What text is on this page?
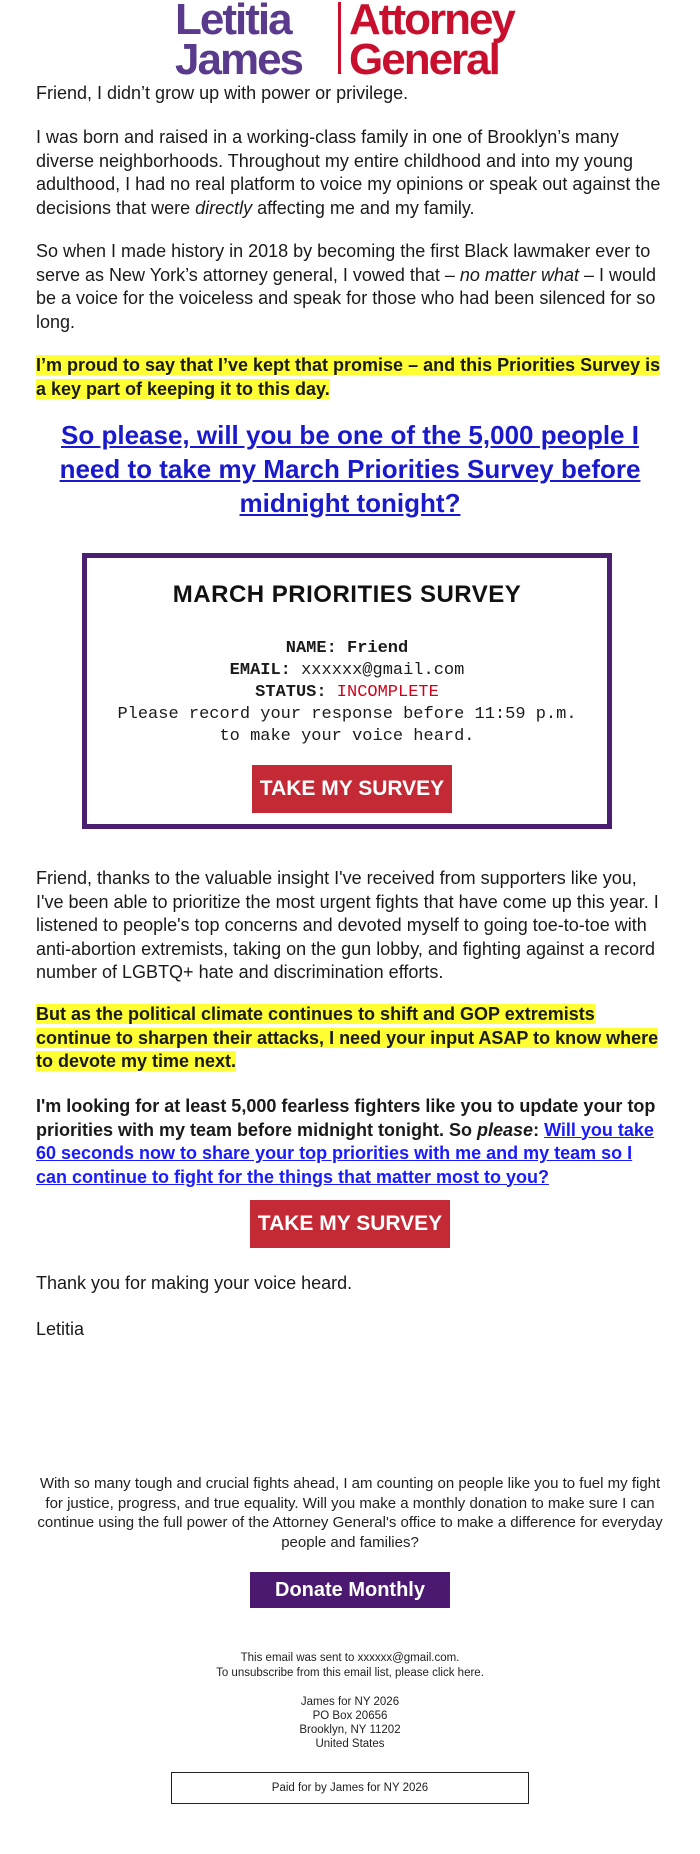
Letitia
James
Attorney
General

Friend, I didn’t grow up with power or privilege.

I was born and raised in a working-class family in one of Brooklyn’s many diverse neighborhoods. Throughout my entire childhood and into my young adulthood, I had no real platform to voice my opinions or speak out against the decisions that were directly affecting me and my family.

So when I made history in 2018 by becoming the first Black lawmaker ever to serve as New York’s attorney general, I vowed that – no matter what – I would be a voice for the voiceless and speak for those who had been silenced for so long.

I’m proud to say that I’ve kept that promise – and this Priorities Survey is a key part of keeping it to this day.

So please, will you be one of the 5,000 people I need to take my March Priorities Survey before midnight tonight?
MARCH PRIORITIES SURVEY
NAME: Friend
EMAIL: xxxxxx@gmail.com
STATUS: INCOMPLETE
Please record your response before 11:59 p.m.
to make your voice heard.
TAKE MY SURVEY

Friend, thanks to the valuable insight I've received from supporters like you, I've been able to prioritize the most urgent fights that have come up this year. I listened to people's top concerns and devoted myself to going toe-to-toe with anti-abortion extremists, taking on the gun lobby, and fighting against a record number of LGBTQ+ hate and discrimination efforts.

But as the political climate continues to shift and GOP extremists continue to sharpen their attacks, I need your input ASAP to know where to devote my time next.

I'm looking for at least 5,000 fearless fighters like you to update your top priorities with my team before midnight tonight. So please: Will you take 60 seconds now to share your top priorities with me and my team so I can continue to fight for the things that matter most to you?

TAKE MY SURVEY

Thank you for making your voice heard.

Letitia

With so many tough and crucial fights ahead, I am counting on people like you to fuel my fight for justice, progress, and true equality. Will you make a monthly donation to make sure I can continue using the full power of the Attorney General's office to make a difference for everyday people and families?
Donate Monthly
This email was sent to xxxxxx@gmail.com.
To unsubscribe from this email list, please click here.
James for NY 2026
PO Box 20656
Brooklyn, NY 11202
United States
Paid for by James for NY 2026
